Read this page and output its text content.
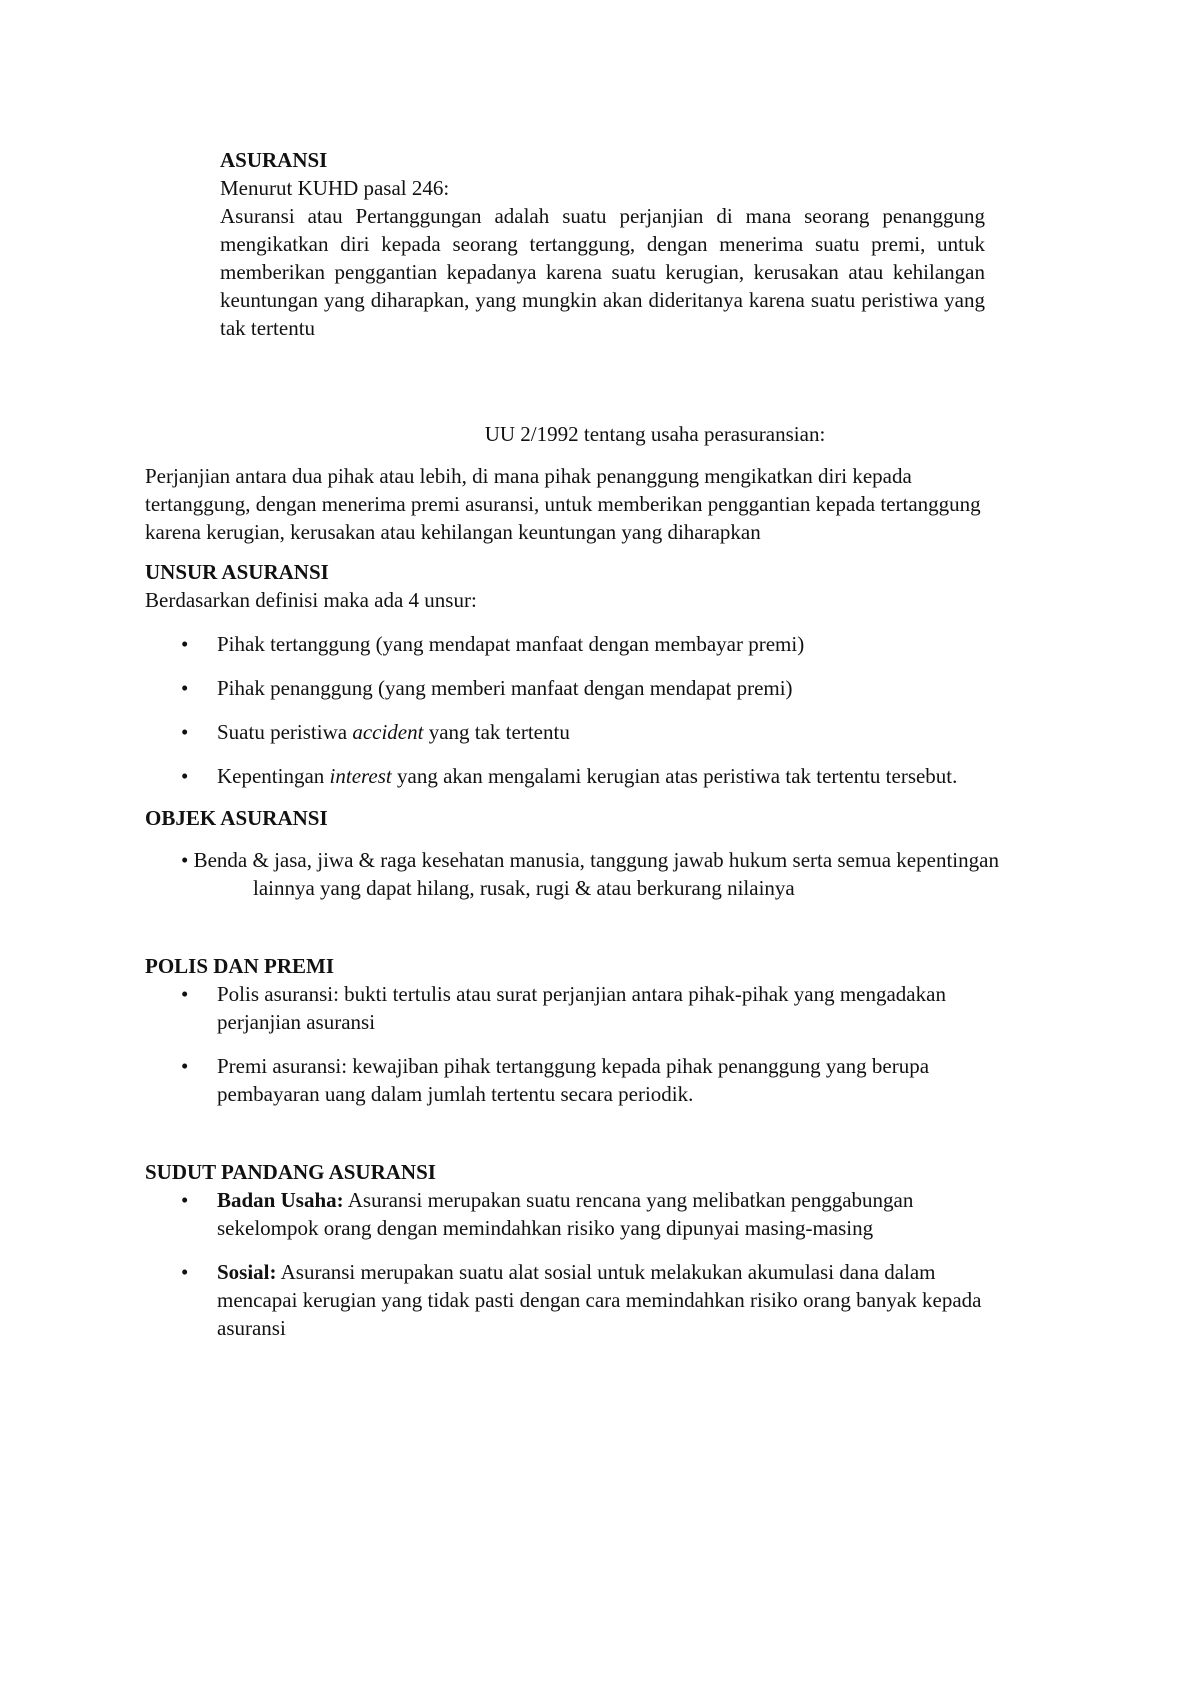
ASURANSI

Menurut KUHD pasal 246:

Asuransi atau Pertanggungan adalah suatu perjanjian di mana seorang penanggung mengikatkan diri kepada seorang tertanggung, dengan menerima suatu premi, untuk memberikan penggantian kepadanya karena suatu kerugian, kerusakan atau kehilangan keuntungan yang diharapkan, yang mungkin akan dideritanya karena suatu peristiwa yang tak tertentu

UU 2/1992 tentang usaha perasuransian:

Perjanjian antara dua pihak atau lebih, di mana pihak penanggung mengikatkan diri kepada tertanggung, dengan menerima premi asuransi, untuk memberikan penggantian kepada tertanggung karena kerugian, kerusakan atau kehilangan keuntungan yang diharapkan

UNSUR ASURANSI

Berdasarkan definisi maka ada 4 unsur:

• Pihak tertanggung (yang mendapat manfaat dengan membayar premi)
• Pihak penanggung (yang memberi manfaat dengan mendapat premi)
• Suatu peristiwa accident yang tak tertentu
• Kepentingan interest yang akan mengalami kerugian atas peristiwa tak tertentu tersebut.

OBJEK ASURANSI

• Benda & jasa, jiwa & raga kesehatan manusia, tanggung jawab hukum serta semua kepentingan lainnya yang dapat hilang, rusak, rugi & atau berkurang nilainya

POLIS DAN PREMI

• Polis asuransi: bukti tertulis atau surat perjanjian antara pihak-pihak yang mengadakan perjanjian asuransi
• Premi asuransi: kewajiban pihak tertanggung kepada pihak penanggung yang berupa pembayaran uang dalam jumlah tertentu secara periodik.

SUDUT PANDANG ASURANSI

• Badan Usaha: Asuransi merupakan suatu rencana yang melibatkan penggabungan sekelompok orang dengan memindahkan risiko yang dipunyai masing-masing
• Sosial: Asuransi merupakan suatu alat sosial untuk melakukan akumulasi dana dalam mencapai kerugian yang tidak pasti dengan cara memindahkan risiko orang banyak kepada asuransi
